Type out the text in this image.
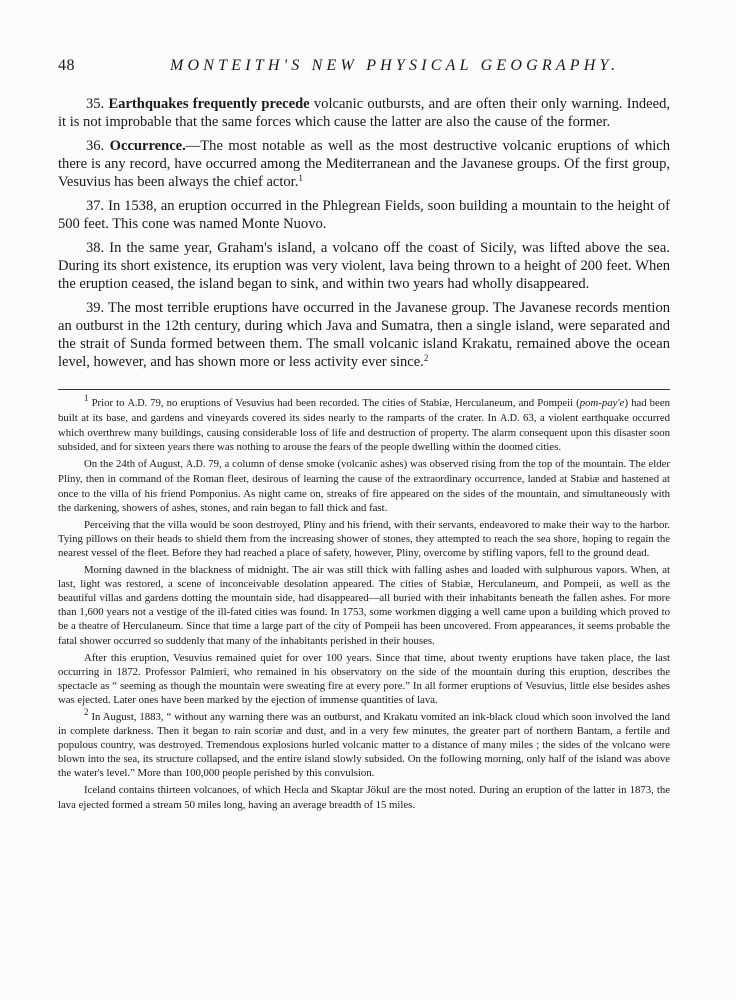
48	MONTEITH'S NEW PHYSICAL GEOGRAPHY.

35. Earthquakes frequently precede volcanic outbursts, and are often their only warning. Indeed, it is not improbable that the same forces which cause the latter are also the cause of the former.

36. Occurrence.—The most notable as well as the most destructive volcanic eruptions of which there is any record, have occurred among the Mediterranean and the Javanese groups. Of the first group, Vesuvius has been always the chief actor.$^1$

37. In 1538, an eruption occurred in the Phlegrean Fields, soon building a mountain to the height of 500 feet. This cone was named Monte Nuovo.

38. In the same year, Graham's island, a volcano off the coast of Sicily, was lifted above the sea. During its short existence, its eruption was very violent, lava being thrown to a height of 200 feet. When the eruption ceased, the island began to sink, and within two years had wholly disappeared.

39. The most terrible eruptions have occurred in the Javanese group. The Javanese records mention an outburst in the 12th century, during which Java and Sumatra, then a single island, were separated and the strait of Sunda formed between them. The small volcanic island Krakatu, remained above the ocean level, however, and has shown more or less activity ever since.$^2$

$^1$ Prior to A.D. 79, no eruptions of Vesuvius had been recorded. The cities of Stabiæ, Herculaneum, and Pompeii (pom-pay'e) had been built at its base, and gardens and vineyards covered its sides nearly to the ramparts of the crater. In A.D. 63, a violent earthquake occurred which overthrew many buildings, causing considerable loss of life and destruction of property. The alarm consequent upon this disaster soon subsided, and for sixteen years there was nothing to arouse the fears of the people dwelling within the doomed cities.

On the 24th of August, A.D. 79, a column of dense smoke (volcanic ashes) was observed rising from the top of the mountain. The elder Pliny, then in command of the Roman fleet, desirous of learning the cause of the extraordinary occurrence, landed at Stabiæ and hastened at once to the villa of his friend Pomponius. As night came on, streaks of fire appeared on the sides of the mountain, and simultaneously with the darkening, showers of ashes, stones, and rain began to fall thick and fast.

Perceiving that the villa would be soon destroyed, Pliny and his friend, with their servants, endeavored to make their way to the harbor. Tying pillows on their heads to shield them from the increasing shower of stones, they attempted to reach the sea shore, hoping to regain the nearest vessel of the fleet. Before they had reached a place of safety, however, Pliny, overcome by stifling vapors, fell to the ground dead.

Morning dawned in the blackness of midnight. The air was still thick with falling ashes and loaded with sulphurous vapors. When, at last, light was restored, a scene of inconceivable desolation appeared. The cities of Stabiæ, Herculaneum, and Pompeii, as well as the beautiful villas and gardens dotting the mountain side, had disappeared—all buried with their inhabitants beneath the fallen ashes. For more than 1,600 years not a vestige of the ill-fated cities was found. In 1753, some workmen digging a well came upon a building which proved to be a theatre of Herculaneum. Since that time a large part of the city of Pompeii has been uncovered. From appearances, it seems probable the fatal shower occurred so suddenly that many of the inhabitants perished in their houses.

After this eruption, Vesuvius remained quiet for over 100 years. Since that time, about twenty eruptions have taken place, the last occurring in 1872. Professor Palmieri, who remained in his observatory on the side of the mountain during this eruption, describes the spectacle as “ seeming as though the mountain were sweating fire at every pore.” In all former eruptions of Vesuvius, little else besides ashes was ejected. Later ones have been marked by the ejection of immense quantities of lava.

$^2$ In August, 1883, “ without any warning there was an outburst, and Krakatu vomited an ink-black cloud which soon involved the land in complete darkness. Then it began to rain scoriæ and dust, and in a very few minutes, the greater part of northern Bantam, a fertile and populous country, was destroyed. Tremendous explosions hurled volcanic matter to a distance of many miles ; the sides of the volcano were blown into the sea, its structure collapsed, and the entire island slowly subsided. On the following morning, only half of the island was above the water's level.” More than 100,000 people perished by this convulsion.

Iceland contains thirteen volcanoes, of which Hecla and Skaptar Jökul are the most noted. During an eruption of the latter in 1873, the lava ejected formed a stream 50 miles long, having an average breadth of 15 miles.
